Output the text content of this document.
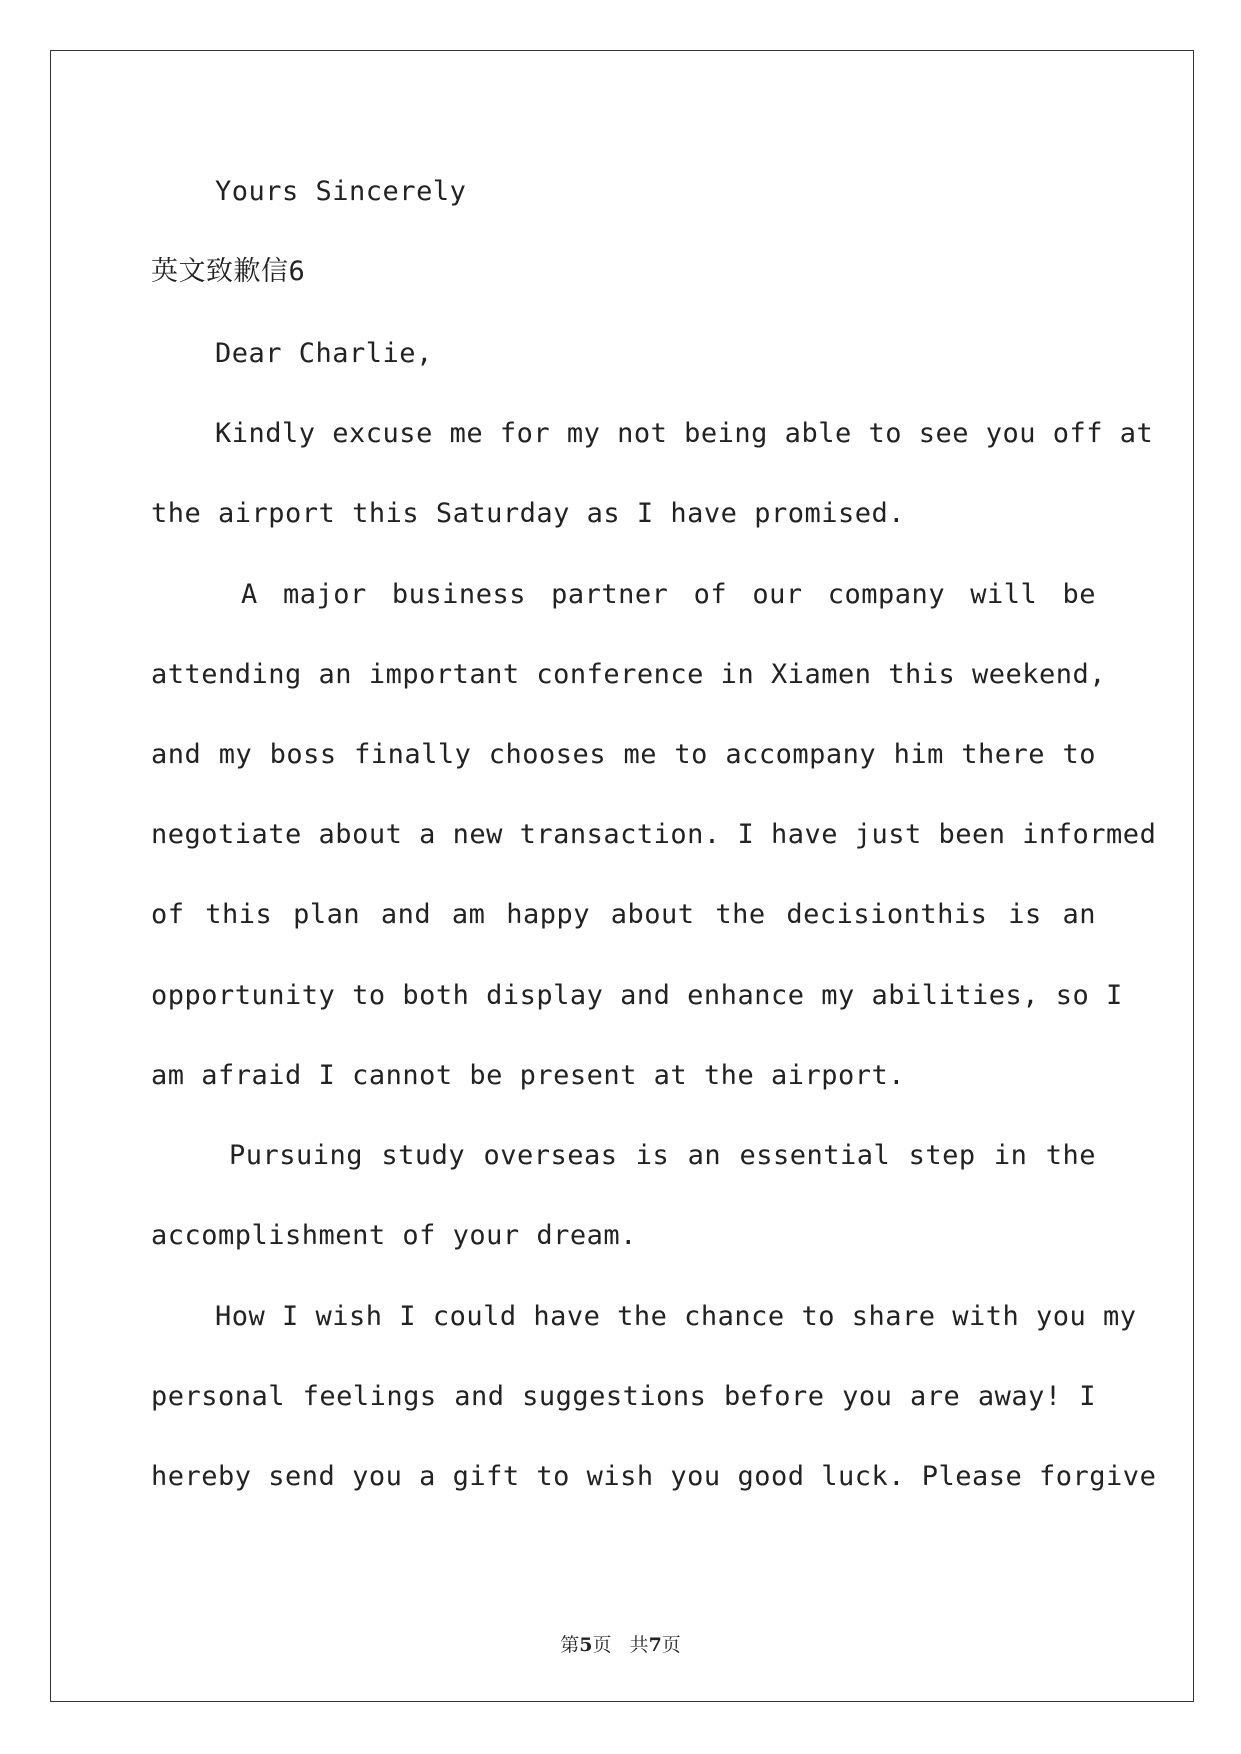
Yours Sincerely
英文致歉信6
Dear Charlie,
Kindly excuse me for my not being able to see you off at
the airport this Saturday as I have promised.
A major business partner of our company will be
attending an important conference in Xiamen this weekend,
and my boss finally chooses me to accompany him there to
negotiate about a new transaction. I have just been informed
of this plan and am happy about the decisionthis is an
opportunity to both display and enhance my abilities, so I
am afraid I cannot be present at the airport.
Pursuing study overseas is an essential step in the
accomplishment of your dream.
How I wish I could have the chance to share with you my
personal feelings and suggestions before you are away! I
hereby send you a gift to wish you good luck. Please forgive
第5页   共7页
